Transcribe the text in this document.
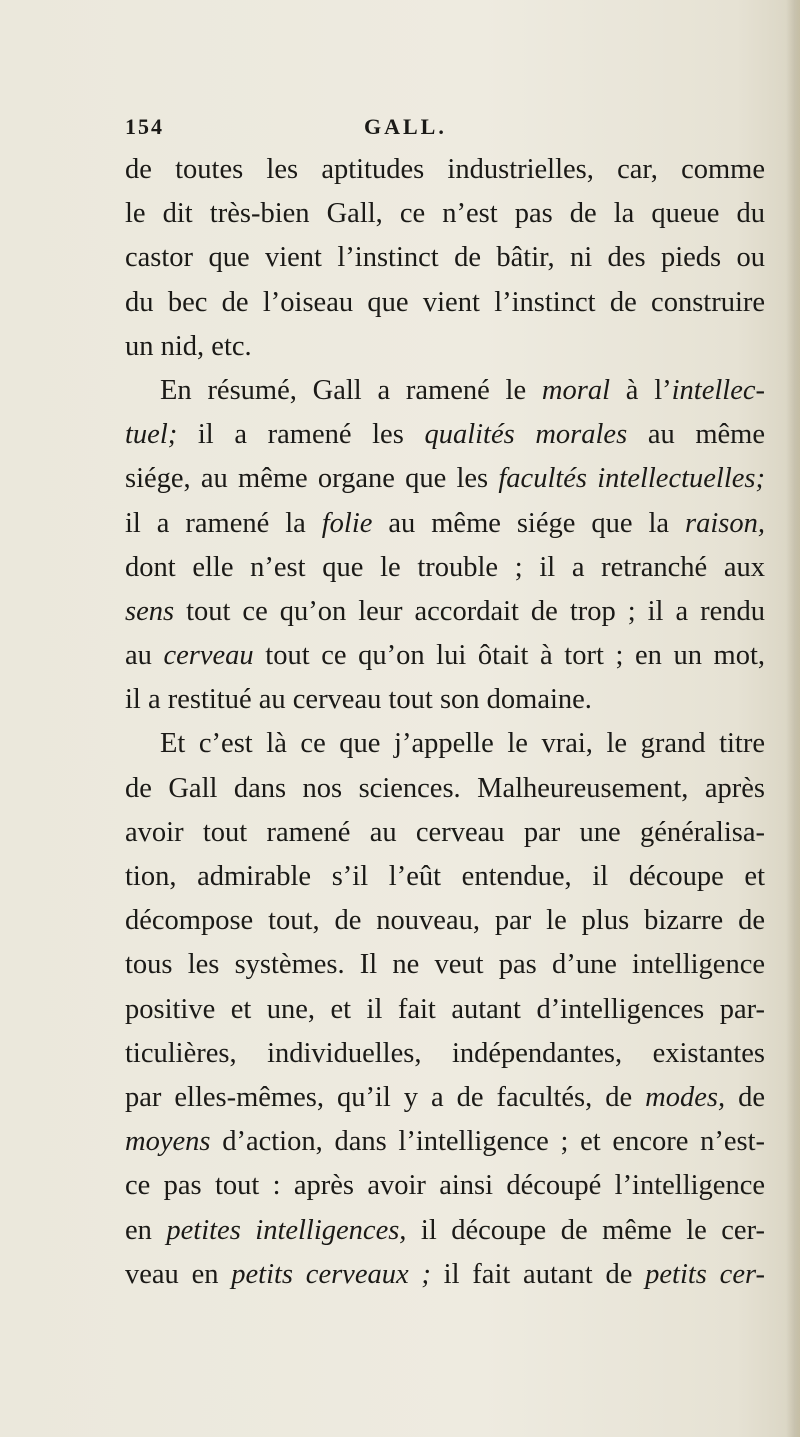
154	GALL.
de toutes les aptitudes industrielles, car, comme
le dit très-bien Gall, ce n’est pas de la queue du
castor que vient l’instinct de bâtir, ni des pieds ou
du bec de l’oiseau que vient l’instinct de construire
un nid, etc.
En résumé, Gall a ramené le moral à l’intellec-
tuel; il a ramené les qualités morales au même
siége, au même organe que les facultés intellectuelles;
il a ramené la folie au même siége que la raison,
dont elle n’est que le trouble ; il a retranché aux
sens tout ce qu’on leur accordait de trop ; il a rendu
au cerveau tout ce qu’on lui ôtait à tort ; en un mot,
il a restitué au cerveau tout son domaine.
Et c’est là ce que j’appelle le vrai, le grand titre
de Gall dans nos sciences. Malheureusement, après
avoir tout ramené au cerveau par une généralisa-
tion, admirable s’il l’eût entendue, il découpe et
décompose tout, de nouveau, par le plus bizarre de
tous les systèmes. Il ne veut pas d’une intelligence
positive et une, et il fait autant d’intelligences par-
ticulières, individuelles, indépendantes, existantes
par elles-mêmes, qu’il y a de facultés, de modes, de
moyens d’action, dans l’intelligence ; et encore n’est-
ce pas tout : après avoir ainsi découpé l’intelligence
en petites intelligences, il découpe de même le cer-
veau en petits cerveaux ; il fait autant de petits cer-
